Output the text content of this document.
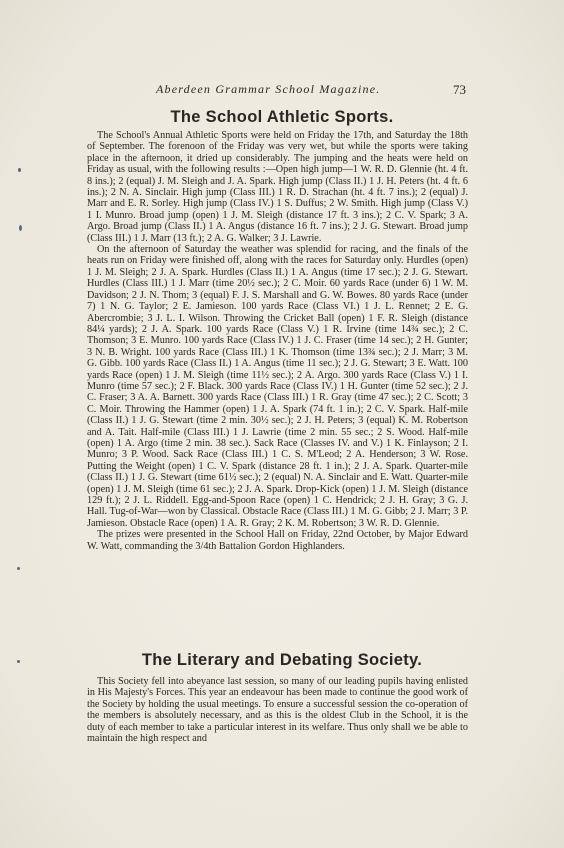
Aberdeen Grammar School Magazine.	73
The School Athletic Sports.

The School's Annual Athletic Sports were held on Friday the 17th, and Saturday the 18th of September. The forenoon of the Friday was very wet, but while the sports were taking place in the afternoon, it dried up considerably. The jumping and the heats were held on Friday as usual, with the following results :—Open high jump—1 W. R. D. Glennie (ht. 4 ft. 8 ins.); 2 (equal) J. M. Sleigh and J. A. Spark. High jump (Class II.) 1 J. H. Peters (ht. 4 ft. 6 ins.); 2 N. A. Sinclair. High jump (Class III.) 1 R. D. Strachan (ht. 4 ft. 7 ins.); 2 (equal) J. Marr and E. R. Sorley. High jump (Class IV.) 1 S. Duffus; 2 W. Smith. High jump (Class V.) 1 I. Munro. Broad jump (open) 1 J. M. Sleigh (distance 17 ft. 3 ins.); 2 C. V. Spark; 3 A. Argo. Broad jump (Class II.) 1 A. Angus (distance 16 ft. 7 ins.); 2 J. G. Stewart. Broad jump (Class III.) 1 J. Marr (13 ft.); 2 A. G. Walker; 3 J. Lawrie.

On the afternoon of Saturday the weather was splendid for racing, and the finals of the heats run on Friday were finished off, along with the races for Saturday only. Hurdles (open) 1 J. M. Sleigh; 2 J. A. Spark. Hurdles (Class II.) 1 A. Angus (time 17 sec.); 2 J. G. Stewart. Hurdles (Class III.) 1 J. Marr (time 20½ sec.); 2 C. Moir. 60 yards Race (under 6) 1 W. M. Davidson; 2 J. N. Thom; 3 (equal) F. J. S. Marshall and G. W. Bowes. 80 yards Race (under 7) 1 N. G. Taylor; 2 E. Jamieson. 100 yards Race (Class VI.) 1 J. L. Rennet; 2 E. G. Abercrombie; 3 J. L. I. Wilson. Throwing the Cricket Ball (open) 1 F. R. Sleigh (distance 84¼ yards); 2 J. A. Spark. 100 yards Race (Class V.) 1 R. Irvine (time 14¾ sec.); 2 C. Thomson; 3 E. Munro. 100 yards Race (Class IV.) 1 J. C. Fraser (time 14 sec.); 2 H. Gunter; 3 N. B. Wright. 100 yards Race (Class III.) 1 K. Thomson (time 13¾ sec.); 2 J. Marr; 3 M. G. Gibb. 100 yards Race (Class II.) 1 A. Angus (time 11 sec.); 2 J. G. Stewart; 3 E. Watt. 100 yards Race (open) 1 J. M. Sleigh (time 11½ sec.); 2 A. Argo. 300 yards Race (Class V.) 1 I. Munro (time 57 sec.); 2 F. Black. 300 yards Race (Class IV.) 1 H. Gunter (time 52 sec.); 2 J. C. Fraser; 3 A. A. Barnett. 300 yards Race (Class III.) 1 R. Gray (time 47 sec.); 2 C. Scott; 3 C. Moir. Throwing the Hammer (open) 1 J. A. Spark (74 ft. 1 in.); 2 C. V. Spark. Half-mile (Class II.) 1 J. G. Stewart (time 2 min. 30½ sec.); 2 J. H. Peters; 3 (equal) K. M. Robertson and A. Tait. Half-mile (Class III.) 1 J. Lawrie (time 2 min. 55 sec.; 2 S. Wood. Half-mile (open) 1 A. Argo (time 2 min. 38 sec.). Sack Race (Classes IV. and V.) 1 K. Finlayson; 2 I. Munro; 3 P. Wood. Sack Race (Class III.) 1 C. S. M'Leod; 2 A. Henderson; 3 W. Rose. Putting the Weight (open) 1 C. V. Spark (distance 28 ft. 1 in.); 2 J. A. Spark. Quarter-mile (Class II.) 1 J. G. Stewart (time 61½ sec.); 2 (equal) N. A. Sinclair and E. Watt. Quarter-mile (open) 1 J. M. Sleigh (time 61 sec.); 2 J. A. Spark. Drop-Kick (open) 1 J. M. Sleigh (distance 129 ft.); 2 J. L. Riddell. Egg-and-Spoon Race (open) 1 C. Hendrick; 2 J. H. Gray; 3 G. J. Hall. Tug-of-War—won by Classical. Obstacle Race (Class III.) 1 M. G. Gibb; 2 J. Marr; 3 P. Jamieson. Obstacle Race (open) 1 A. R. Gray; 2 K. M. Robertson; 3 W. R. D. Glennie.

The prizes were presented in the School Hall on Friday, 22nd October, by Major Edward W. Watt, commanding the 3/4th Battalion Gordon Highlanders.

The Literary and Debating Society.

This Society fell into abeyance last session, so many of our leading pupils having enlisted in His Majesty's Forces. This year an endeavour has been made to continue the good work of the Society by holding the usual meetings. To ensure a successful session the co-operation of the members is absolutely necessary, and as this is the oldest Club in the School, it is the duty of each member to take a particular interest in its welfare. Thus only shall we be able to maintain the high respect and
